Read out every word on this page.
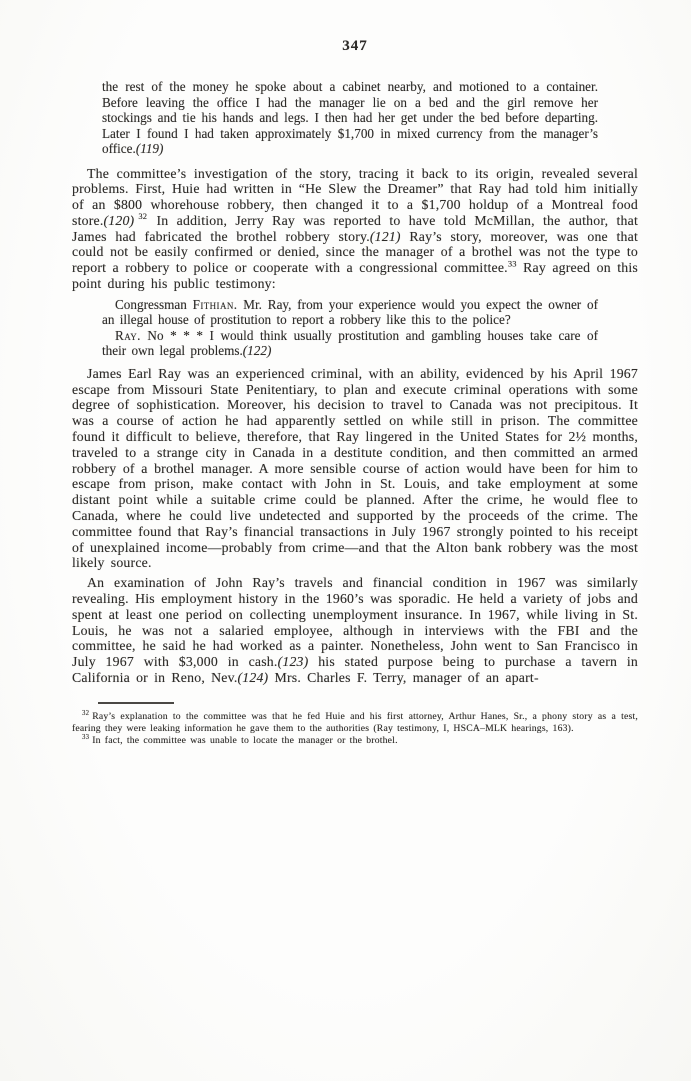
347
the rest of the money he spoke about a cabinet nearby, and motioned to a container. Before leaving the office I had the manager lie on a bed and the girl remove her stockings and tie his hands and legs. I then had her get under the bed before departing. Later I found I had taken approximately $1,700 in mixed currency from the manager’s office.(119)

The committee’s investigation of the story, tracing it back to its origin, revealed several problems. First, Huie had written in “He Slew the Dreamer” that Ray had told him initially of an $800 whorehouse robbery, then changed it to a $1,700 holdup of a Montreal food store.(120) $^{32}$ In addition, Jerry Ray was reported to have told McMillan, the author, that James had fabricated the brothel robbery story.(121) Ray’s story, moreover, was one that could not be easily confirmed or denied, since the manager of a brothel was not the type to report a robbery to police or cooperate with a congressional committee.$^{33}$ Ray agreed on this point during his public testimony:

Congressman Fithian. Mr. Ray, from your experience would you expect the owner of an illegal house of prostitution to report a robbery like this to the police?

Ray. No * * * I would think usually prostitution and gambling houses take care of their own legal problems.(122)

James Earl Ray was an experienced criminal, with an ability, evidenced by his April 1967 escape from Missouri State Penitentiary, to plan and execute criminal operations with some degree of sophistication. Moreover, his decision to travel to Canada was not precipitous. It was a course of action he had apparently settled on while still in prison. The committee found it difficult to believe, therefore, that Ray lingered in the United States for 2½ months, traveled to a strange city in Canada in a destitute condition, and then committed an armed robbery of a brothel manager. A more sensible course of action would have been for him to escape from prison, make contact with John in St. Louis, and take employment at some distant point while a suitable crime could be planned. After the crime, he would flee to Canada, where he could live undetected and supported by the proceeds of the crime. The committee found that Ray’s financial transactions in July 1967 strongly pointed to his receipt of unexplained income—probably from crime—and that the Alton bank robbery was the most likely source.

An examination of John Ray’s travels and financial condition in 1967 was similarly revealing. His employment history in the 1960’s was sporadic. He held a variety of jobs and spent at least one period on collecting unemployment insurance. In 1967, while living in St. Louis, he was not a salaried employee, although in interviews with the FBI and the committee, he said he had worked as a painter. Nonetheless, John went to San Francisco in July 1967 with $3,000 in cash.(123) his stated purpose being to purchase a tavern in California or in Reno, Nev.(124) Mrs. Charles F. Terry, manager of an apart-

$^{32}$ Ray’s explanation to the committee was that he fed Huie and his first attorney, Arthur Hanes, Sr., a phony story as a test, fearing they were leaking information he gave them to the authorities (Ray testimony, I, HSCA–MLK hearings, 163).

$^{33}$ In fact, the committee was unable to locate the manager or the brothel.
